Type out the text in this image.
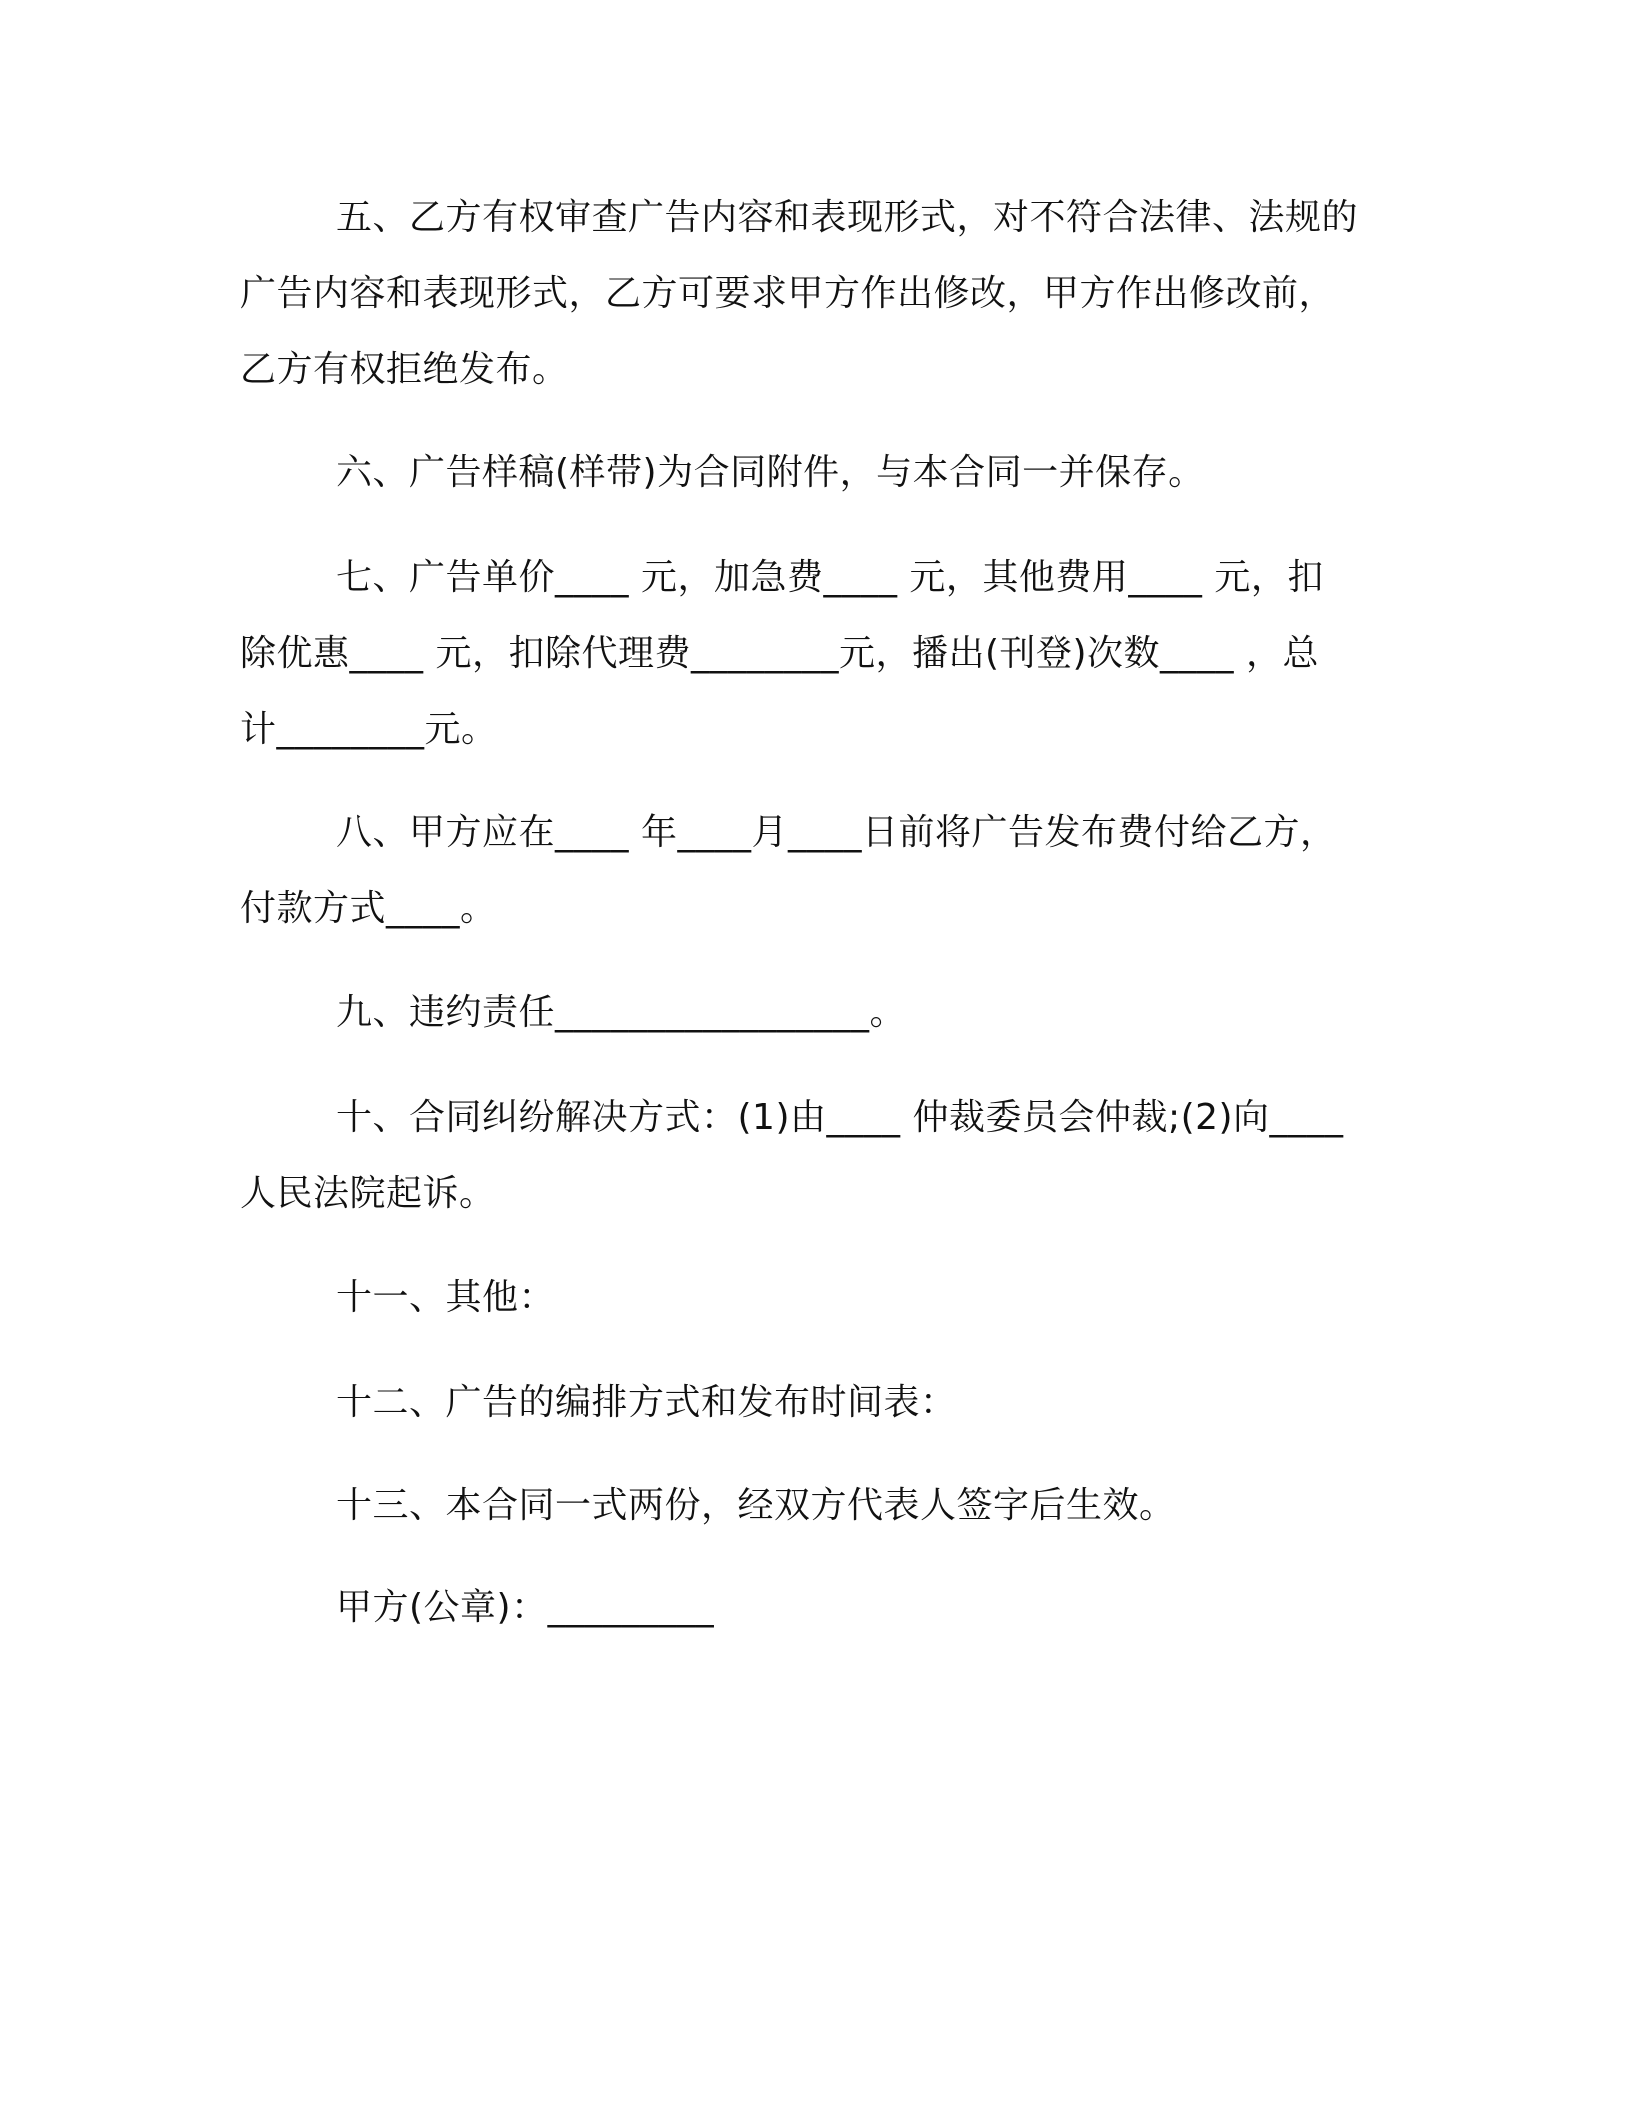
五、乙方有权审查广告内容和表现形式，对不符合法律、法规的
广告内容和表现形式，乙方可要求甲方作出修改，甲方作出修改前，
乙方有权拒绝发布。
六、广告样稿(样带)为合同附件，与本合同一并保存。
七、广告单价____ 元，加急费____ 元，其他费用____ 元，扣
除优惠____ 元，扣除代理费________元，播出(刊登)次数____ ，总
计________元。
八、甲方应在____ 年____月____日前将广告发布费付给乙方，
付款方式____。
九、违约责任_________________。
十、合同纠纷解决方式：(1)由____ 仲裁委员会仲裁;(2)向____
人民法院起诉。
十一、其他：
十二、广告的编排方式和发布时间表：
十三、本合同一式两份，经双方代表人签字后生效。
甲方(公章)：_________
